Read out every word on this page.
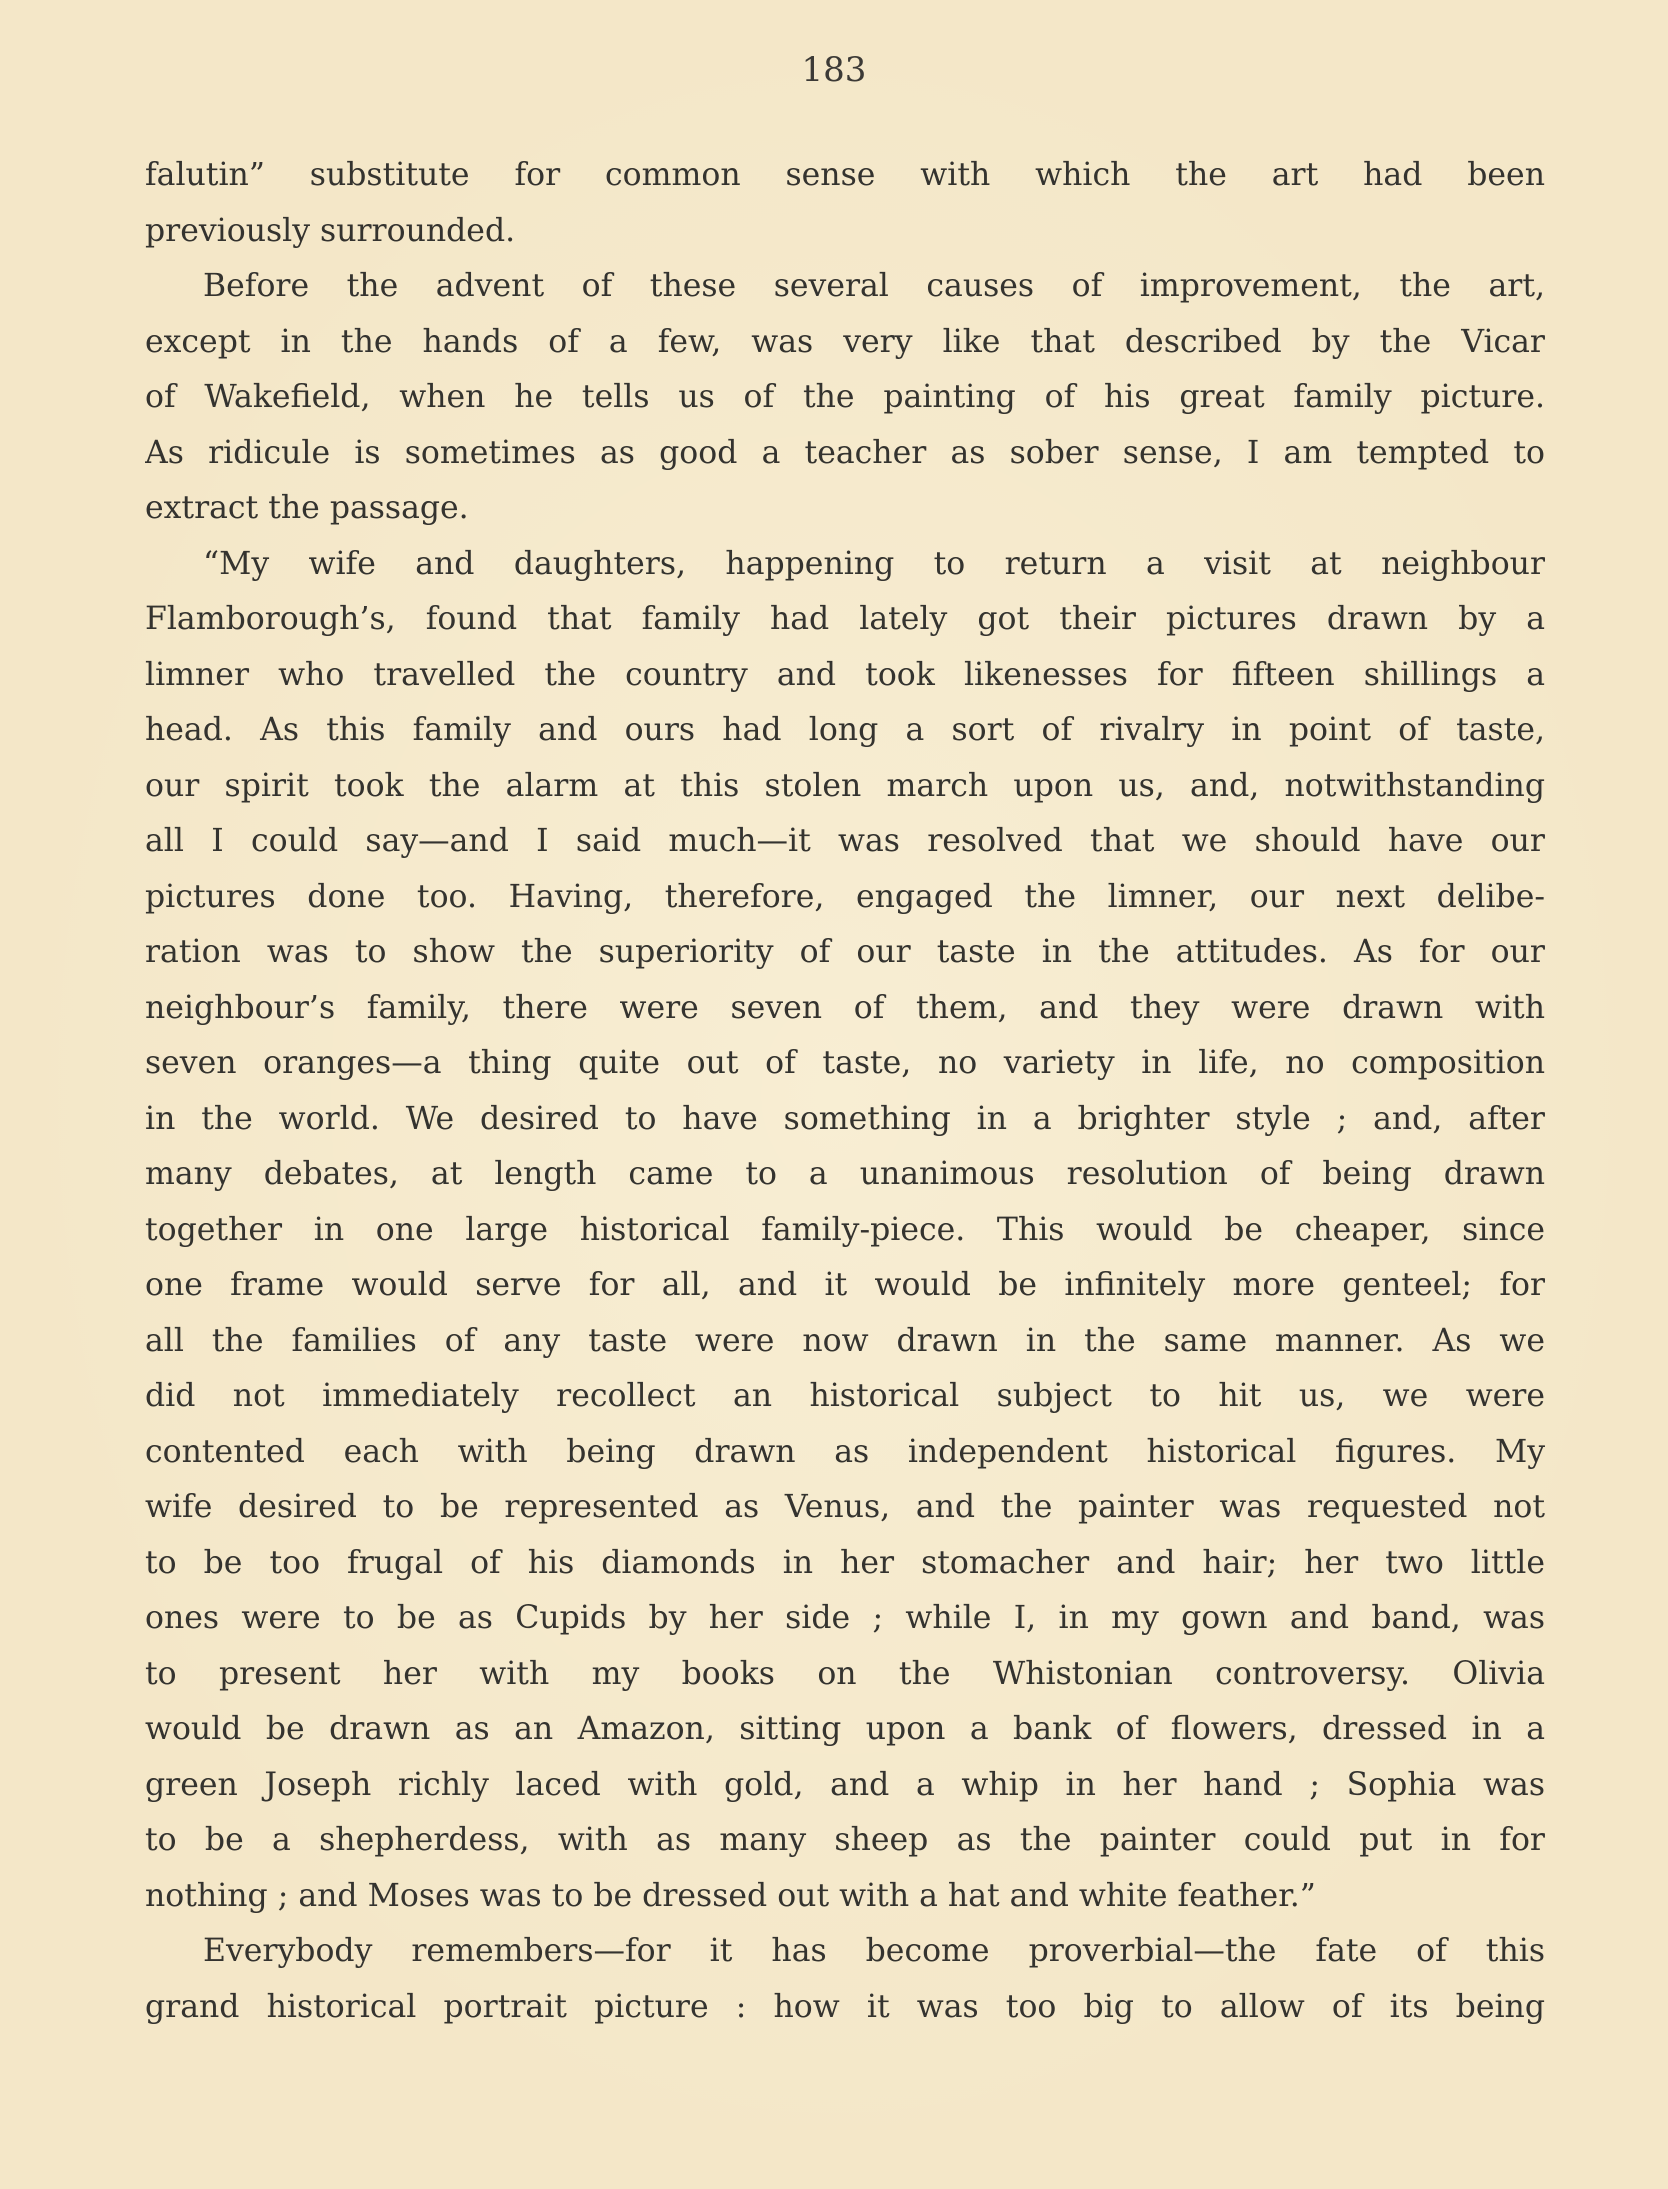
183
falutin” substitute for common sense with which the art had been
previously surrounded.
Before the advent of these several causes of improvement, the art,
except in the hands of a few, was very like that described by the Vicar
of Wakefield, when he tells us of the painting of his great family picture.
As ridicule is sometimes as good a teacher as sober sense, I am tempted to
extract the passage.
“My wife and daughters, happening to return a visit at neighbour
Flamborough’s, found that family had lately got their pictures drawn by a
limner who travelled the country and took likenesses for fifteen shillings a
head. As this family and ours had long a sort of rivalry in point of taste,
our spirit took the alarm at this stolen march upon us, and, notwithstanding
all I could say—and I said much—it was resolved that we should have our
pictures done too. Having, therefore, engaged the limner, our next delibe-
ration was to show the superiority of our taste in the attitudes. As for our
neighbour’s family, there were seven of them, and they were drawn with
seven oranges—a thing quite out of taste, no variety in life, no composition
in the world. We desired to have something in a brighter style ; and, after
many debates, at length came to a unanimous resolution of being drawn
together in one large historical family-piece. This would be cheaper, since
one frame would serve for all, and it would be infinitely more genteel; for
all the families of any taste were now drawn in the same manner. As we
did not immediately recollect an historical subject to hit us, we were
contented each with being drawn as independent historical figures. My
wife desired to be represented as Venus, and the painter was requested not
to be too frugal of his diamonds in her stomacher and hair; her two little
ones were to be as Cupids by her side ; while I, in my gown and band, was
to present her with my books on the Whistonian controversy. Olivia
would be drawn as an Amazon, sitting upon a bank of flowers, dressed in a
green Joseph richly laced with gold, and a whip in her hand ; Sophia was
to be a shepherdess, with as many sheep as the painter could put in for
nothing ; and Moses was to be dressed out with a hat and white feather.”
Everybody remembers—for it has become proverbial—the fate of this
grand historical portrait picture : how it was too big to allow of its being
